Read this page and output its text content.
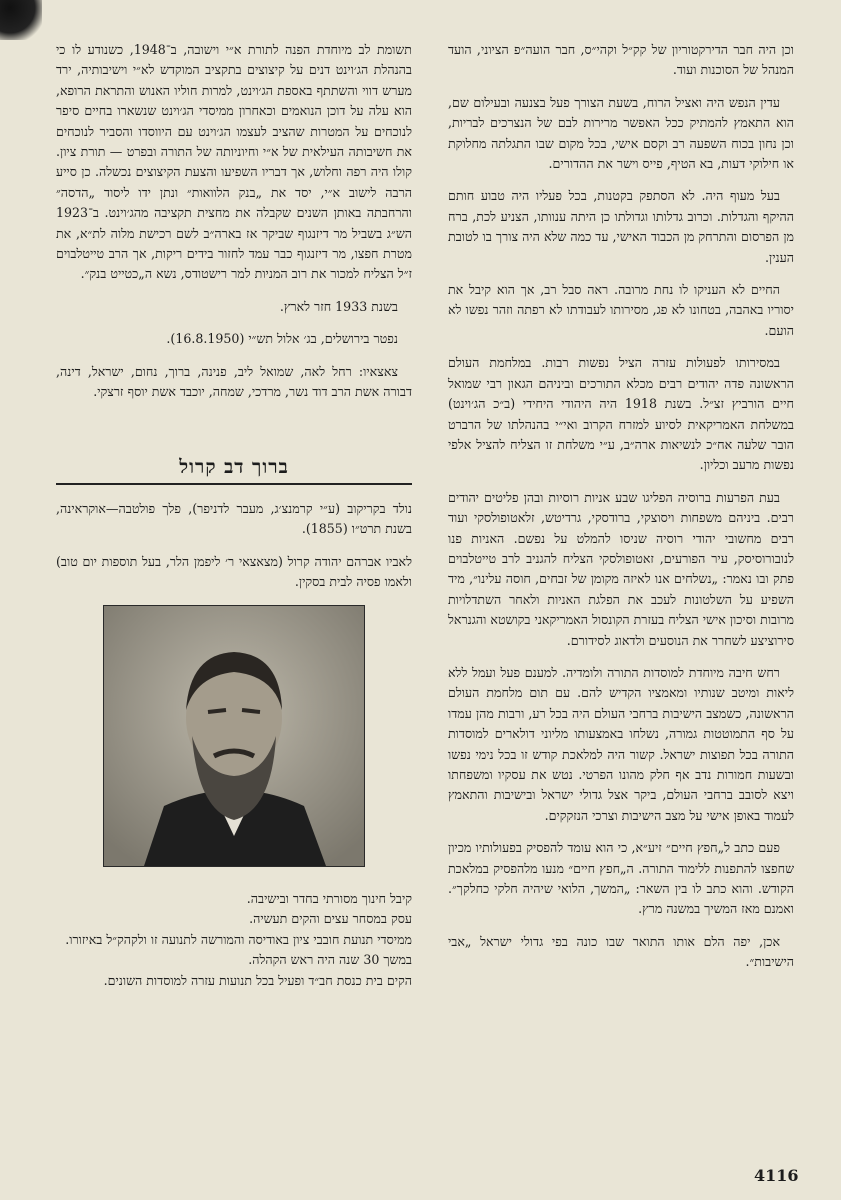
וכן היה חבר הדירקטוריון של קק״ל וקהי״ס, חבר הועה״פ הציוני, הועד המנהל של הסוכנות ועוד.

עדין הנפש היה ואציל הרוח, בשעת הצורך פעל בצנעה ובעילום שם, הוא התאמץ להמתיק ככל האפשר מרירות לבם של הנצרכים לבריות, וכן נחון בכוח השפעה רב וקסם אישי, בכל מקום שבו התגלתה מחלוקת או חילוקי דעות, בא הטיף, פייס וישר את ההדורים.

בעל מעוף היה. לא הסתפק בקטנות, בכל פעליו היה טבוע חותם ההיקף והגדלות. וכרוב גדלותו וגדולתו כן היתה ענוותו, הצניע לכת, ברח מן הפרסום והתרחק מן הכבוד האישי, עד כמה שלא היה צורך בו לטובת הענין.

החיים לא העניקו לו נחת מרובה. ראה סבל רב, אך הוא קיבל את יסוריו באהבה, בטחונו לא פג, מסירותו לעבודתו לא רפתה וזהר נפשו לא הועם.

במסירותו לפעולות עזרה הציל נפשות רבות. במלחמת העולם הראשונה פדה יהודים רבים מכלא התורכים וביניהם הגאון רבי שמואל חיים הורביץ זצ״ל. בשנת 1918 היה היהודי היחידי (ב״כ הג׳וינט) במשלחת האמריקאית לסיוע למזרח הקרוב ואי״י בהנהלתו של הרברט הובר שלעה אח״כ לנשיאות ארה״ב, ע״י משלחת זו הצליח להציל אלפי נפשות מרעב וכליון.

בעת הפרעות ברוסיה הפליגו שבע אניות רוסיות ובהן פליטים יהודים רבים. ביניהם משפחות ויסוצקי, ברודסקי, גרדיטש, זלאטופולסקי ועוד רבים מחשובי יהודי רוסיה שניסו להמלט על נפשם. האניות פנו לנובורוסיסק, עיר הפורעים, זאטופולסקי הצליח להגניב לרב טייטלבוים פתק ובו נאמר: „נשלחים אנו לאיזה מקומן של זבחים, חוסה עלינו״, מיד השפיע על השלטונות לעכב את הפלגת האניות ולאחר השתדלויות מרובות וסיכון אישי הצליח בעזרת הקונסול האמריקאני בקושטא והגנראל סירוציצע לשחרר את הנוסעים ולדאוג לסידורם.

רחש חיבה מיוחדת למוסדות התורה ולומדיה. למענם פעל ועמל ללא ליאות ומיטב שנותיו ומאמציו הקדיש להם. עם תום מלחמת העולם הראשונה, כשמצב הישיבות ברחבי העולם היה בכל רע, ורבות מהן עמדו על סף התמוטטות גמורה, נשלחו באמצעותו מליוני דולארים למוסדות התורה בכל תפוצות ישראל. קשור היה למלאכת קודש זו בכל נימי נפשו ובשעות חמורות נדב אף חלק מהונו הפרטי. נטש את עסקיו ומשפחתו ויצא לסובב ברחבי העולם, ביקר אצל גדולי ישראל ובישיבות והתאמץ לעמוד באופן אישי על מצב הישיבות וצרכי הנזקקים.

פעם כתב ל„חפץ חיים״ זיע״א, כי הוא עומד להפסיק בפעולותיו מכיון שחפצו להתפנות ללימוד התורה. ה„חפץ חיים״ מנעו מלהפסיק במלאכת הקודש. והוא כתב לו בין השאר: „המשך, הלואי שיהיה חלקי כחלקך״. ואמנם מאז המשיך במשנה מרץ.

אכן, יפה הלם אותו התואר שבו כונה בפי גדולי ישראל „אבי הישיבות״.

תשומת לב מיוחדת הפנה לתורת א״י וישובה, ב־1948, כשנודע לו כי בהנהלת הג׳וינט דנים על קיצוצים בתקציב המוקדש לא״י וישיבותיה, ירד מערש דווי והשתתף באספת הג׳וינט, למרות חוליו האנוש והתראת הרופא, הוא עלה על דוכן הנואמים וכאחרון ממיסדי הג׳וינט שנשארו בחיים סיפר לנוכחים על המטרות שהציב לעצמו הג׳וינט עם היווסדו והסביר לנוכחים את חשיבותה העילאית של א״י וחיוניותה של התורה ובפרט — תורת ציון. קולו היה רפה וחלוש, אך דבריו השפיעו והצעת הקיצוצים נכשלה. כן סייע הרבה לישוב א״י, יסד את „בנק הלוואות״ ונתן ידו ליסוד „הדסה״ והרחבתה באותן השנים שקבלה את מחצית תקציבה מהג׳וינט. ב־1923 הש״ג בשביל מר דיזנגוף שביקר אז בארה״ב לשם רכישת מלוה לת״א, את מטרת חפצו, מר דיזנגוף כבר עמד לחזור בידים ריקות, אך הרב טייטלבוים ז״ל הצליח למכור את רוב המניות למר רישטודס, נשא ה„כטייט בנק״.

בשנת 1933 חזר לארץ.

נפטר בירושלים, בג׳ אלול תש״י (16.8.1950).

צאצאיו: רחל לאה, שמואל ליב, פנינה, ברוך, נחום, ישראל, דינה, דבורה אשת הרב דוד נשר, מרדכי, שמחה, יוכבד אשת יוסף זרצקי.

ברוך דב קרול

נולד בקריקוב (ע״י קרמנצ׳ג, מעבר לדניפר), פלך פולטבה—אוקראינה, בשנת תרט״ו (1855).

לאביו אברהם יהודה קרול (מצאצאי ר׳ ליפמן הלר, בעל תוספות יום טוב) ולאמו פסיה לבית בסקין.

קיבל חינוך מסורתי בחדר ובישיבה.
עסק במסחר עצים והקים תעשיה.
ממיסדי תנועת חובבי ציון באודיסה והמורשה לתנועה זו ולקהק״ל באיזורו.
במשך 30 שנה היה ראש הקהלה.
הקים בית כנסת חב״ד ופעיל בכל תנועות עזרה למוסדות השונים.
4116
